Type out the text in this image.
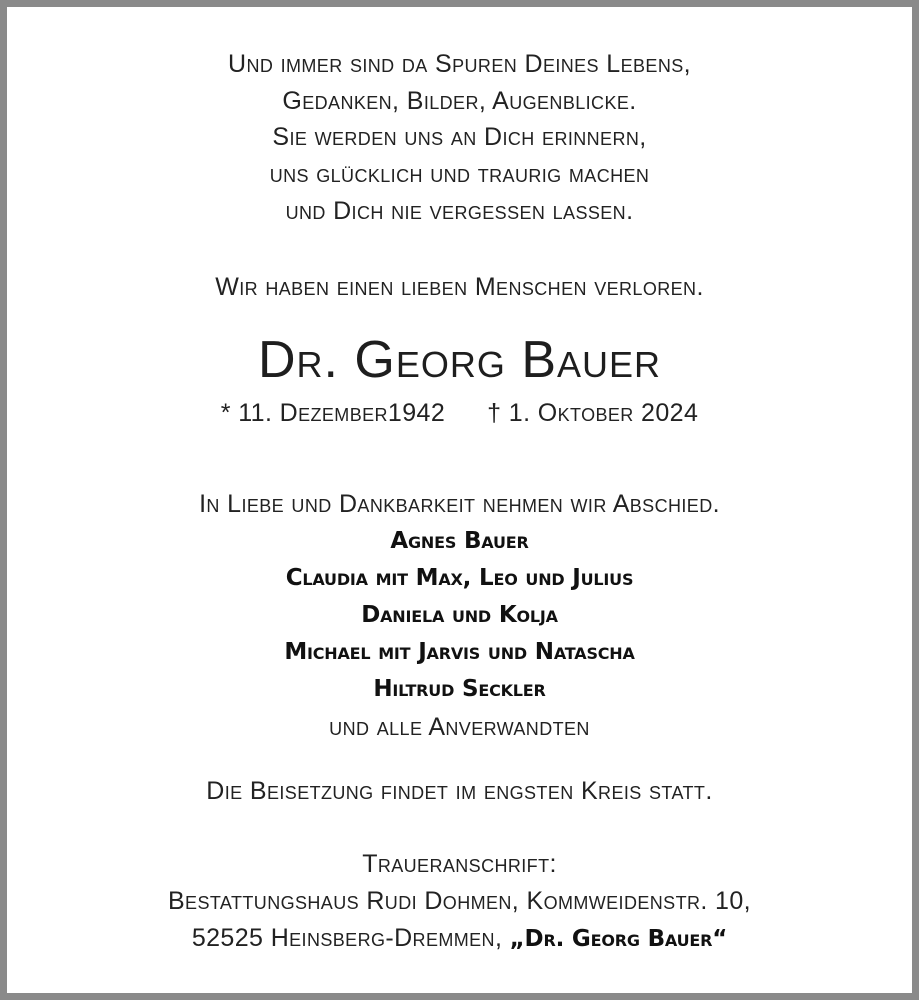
Und immer sind da Spuren Deines Lebens,
Gedanken, Bilder, Augenblicke.
Sie werden uns an Dich erinnern,
uns glücklich und traurig machen
und Dich nie vergessen lassen.
Wir haben einen lieben Menschen verloren.
Dr. Georg Bauer
* 11. Dezember1942 † 1. Oktober 2024
In Liebe und Dankbarkeit nehmen wir Abschied.
Agnes Bauer
Claudia mit Max, Leo und Julius
Daniela und Kolja
Michael mit Jarvis und Natascha
Hiltrud Seckler
und alle Anverwandten
Die Beisetzung findet im engsten Kreis statt.
Traueranschrift:
Bestattungshaus Rudi Dohmen, Kommweidenstr. 10,
52525 Heinsberg-Dremmen, „Dr. Georg Bauer“
